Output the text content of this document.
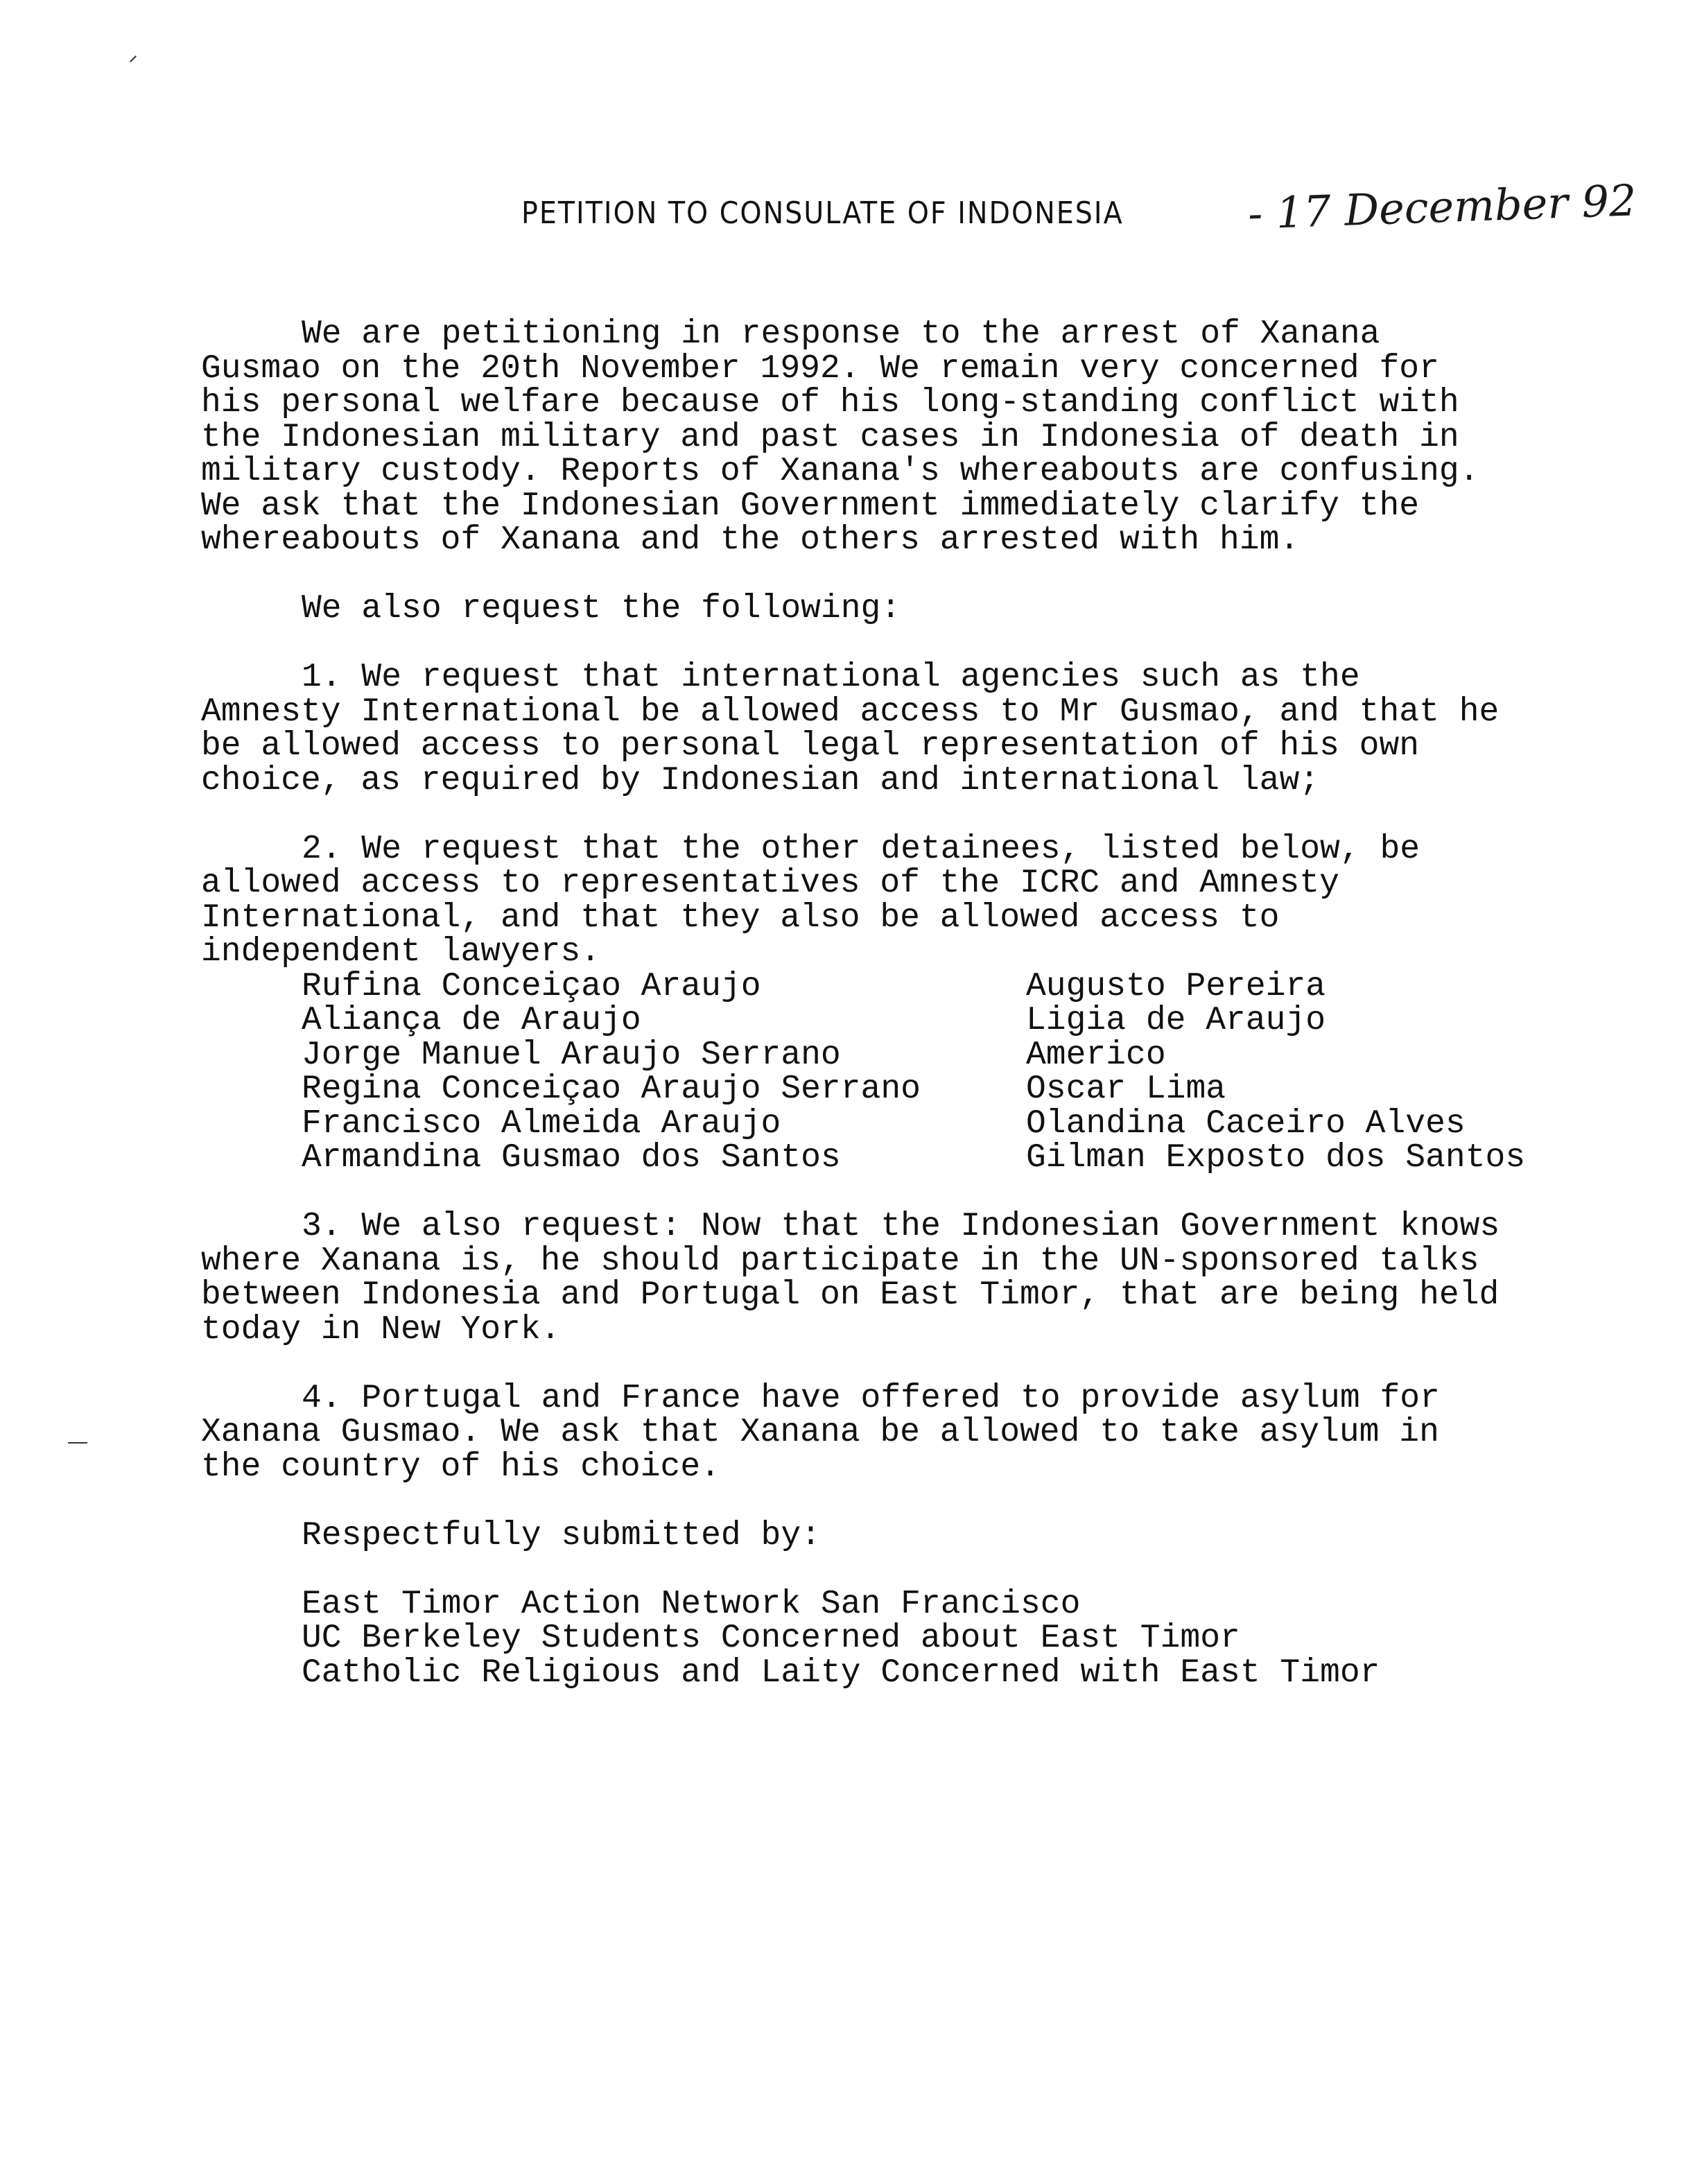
PETITION TO CONSULATE OF INDONESIA	- 17 December 92
We are petitioning in response to the arrest of Xanana
Gusmao on the 20th November 1992. We remain very concerned for
his personal welfare because of his long-standing conflict with
the Indonesian military and past cases in Indonesia of death in
military custody. Reports of Xanana's whereabouts are confusing.
We ask that the Indonesian Government immediately clarify the
whereabouts of Xanana and the others arrested with him.
We also request the following:
1. We request that international agencies such as the
Amnesty International be allowed access to Mr Gusmao, and that he
be allowed access to personal legal representation of his own
choice, as required by Indonesian and international law;
2. We request that the other detainees, listed below, be
allowed access to representatives of the ICRC and Amnesty
International, and that they also be allowed access to
independent lawyers.
Rufina Conceiçao Araujo
Aliança de Araujo
Jorge Manuel Araujo Serrano
Regina Conceiçao Araujo Serrano
Francisco Almeida Araujo
Armandina Gusmao dos Santos
Augusto Pereira
Ligia de Araujo
Americo
Oscar Lima
Olandina Caceiro Alves
Gilman Exposto dos Santos
3. We also request: Now that the Indonesian Government knows
where Xanana is, he should participate in the UN-sponsored talks
between Indonesia and Portugal on East Timor, that are being held
today in New York.
4. Portugal and France have offered to provide asylum for
Xanana Gusmao. We ask that Xanana be allowed to take asylum in
the country of his choice.
Respectfully submitted by:
East Timor Action Network San Francisco
UC Berkeley Students Concerned about East Timor
Catholic Religious and Laity Concerned with East Timor
